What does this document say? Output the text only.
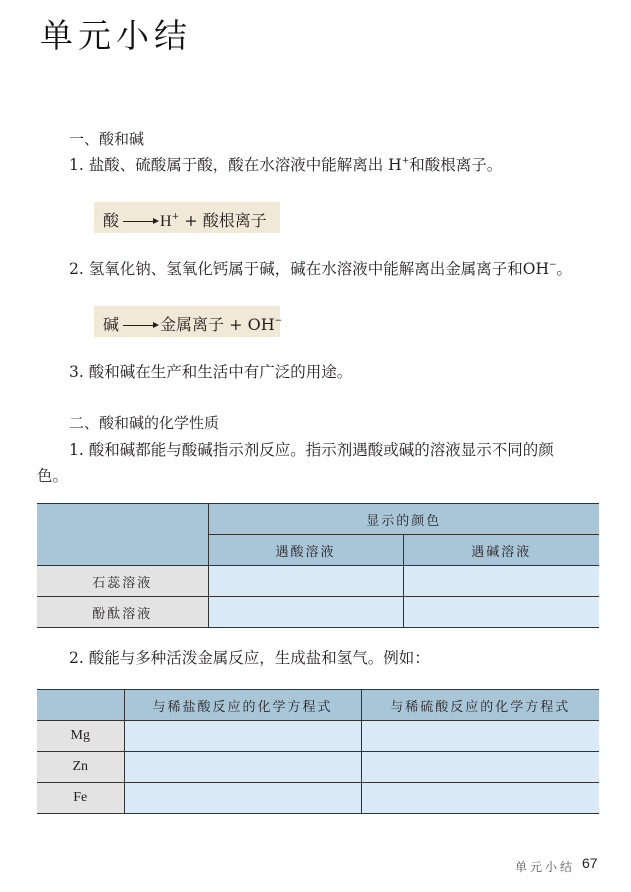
单元小结
一、酸和碱
1. 盐酸、硫酸属于酸，酸在水溶液中能解离出 H+和酸根离子。
酸	H+ + 酸根离子
2. 氢氧化钠、氢氧化钙属于碱，碱在水溶液中能解离出金属离子和OH−。
碱	金属离子 + OH−
3. 酸和碱在生产和生活中有广泛的用途。
二、酸和碱的化学性质
1. 酸和碱都能与酸碱指示剂反应。指示剂遇酸或碱的溶液显示不同的颜
色。
	显示的颜色	
	遇酸溶液	遇碱溶液
石蕊溶液		
酚酞溶液		
2. 酸能与多种活泼金属反应，生成盐和氢气。例如：
	与稀盐酸反应的化学方程式	与稀硫酸反应的化学方程式
Mg		
Zn		
Fe		
单元小结 67
